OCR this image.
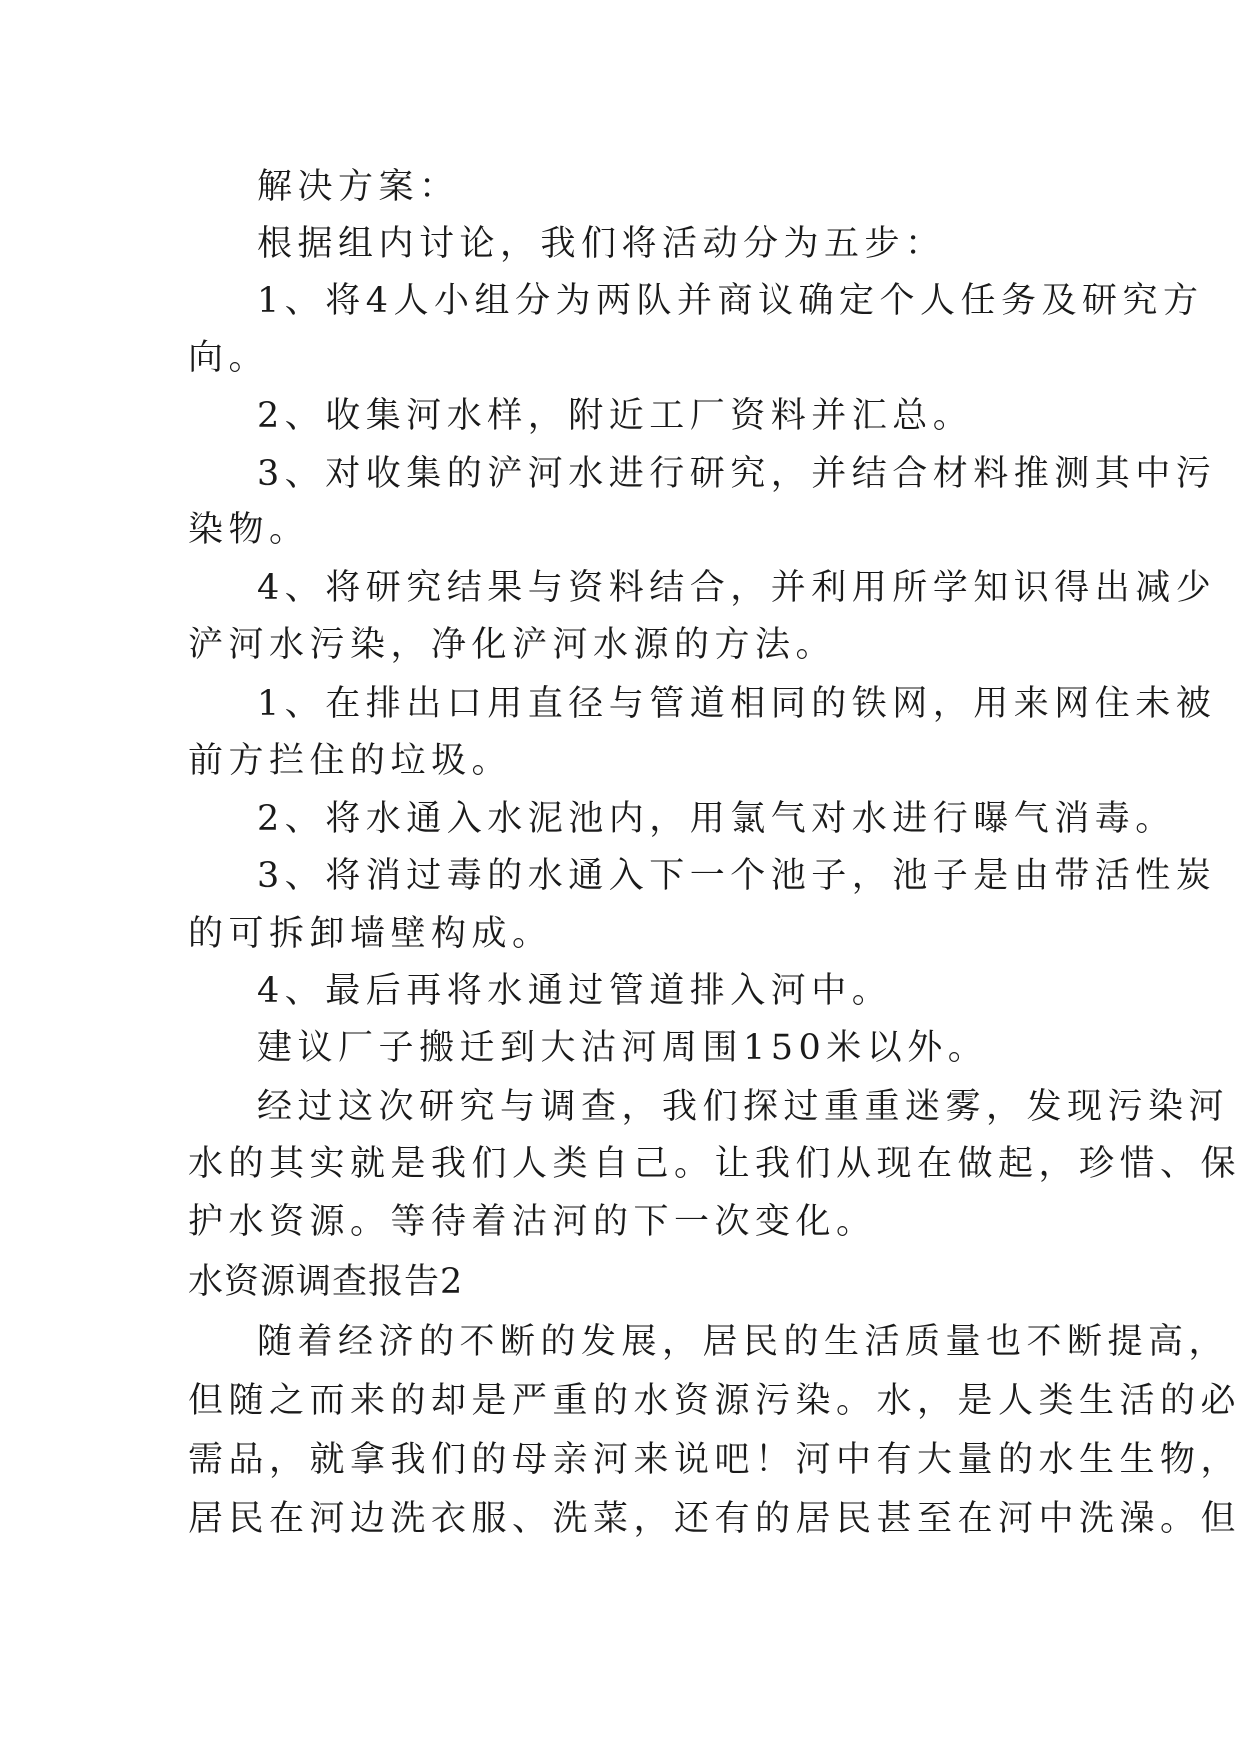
解决方案：
根据组内讨论，我们将活动分为五步：
1、将4人小组分为两队并商议确定个人任务及研究方
向。
2、收集河水样，附近工厂资料并汇总。
3、对收集的浐河水进行研究，并结合材料推测其中污
染物。
4、将研究结果与资料结合，并利用所学知识得出减少
浐河水污染，净化浐河水源的方法。
1、在排出口用直径与管道相同的铁网，用来网住未被
前方拦住的垃圾。
2、将水通入水泥池内，用氯气对水进行曝气消毒。
3、将消过毒的水通入下一个池子，池子是由带活性炭
的可拆卸墙壁构成。
4、最后再将水通过管道排入河中。
建议厂子搬迁到大沽河周围150米以外。
经过这次研究与调查，我们探过重重迷雾，发现污染河
水的其实就是我们人类自己。让我们从现在做起，珍惜、保
护水资源。等待着沽河的下一次变化。
水资源调查报告2
随着经济的不断的发展，居民的生活质量也不断提高，
但随之而来的却是严重的水资源污染。水，是人类生活的必
需品，就拿我们的母亲河来说吧！河中有大量的水生生物，
居民在河边洗衣服、洗菜，还有的居民甚至在河中洗澡。但
